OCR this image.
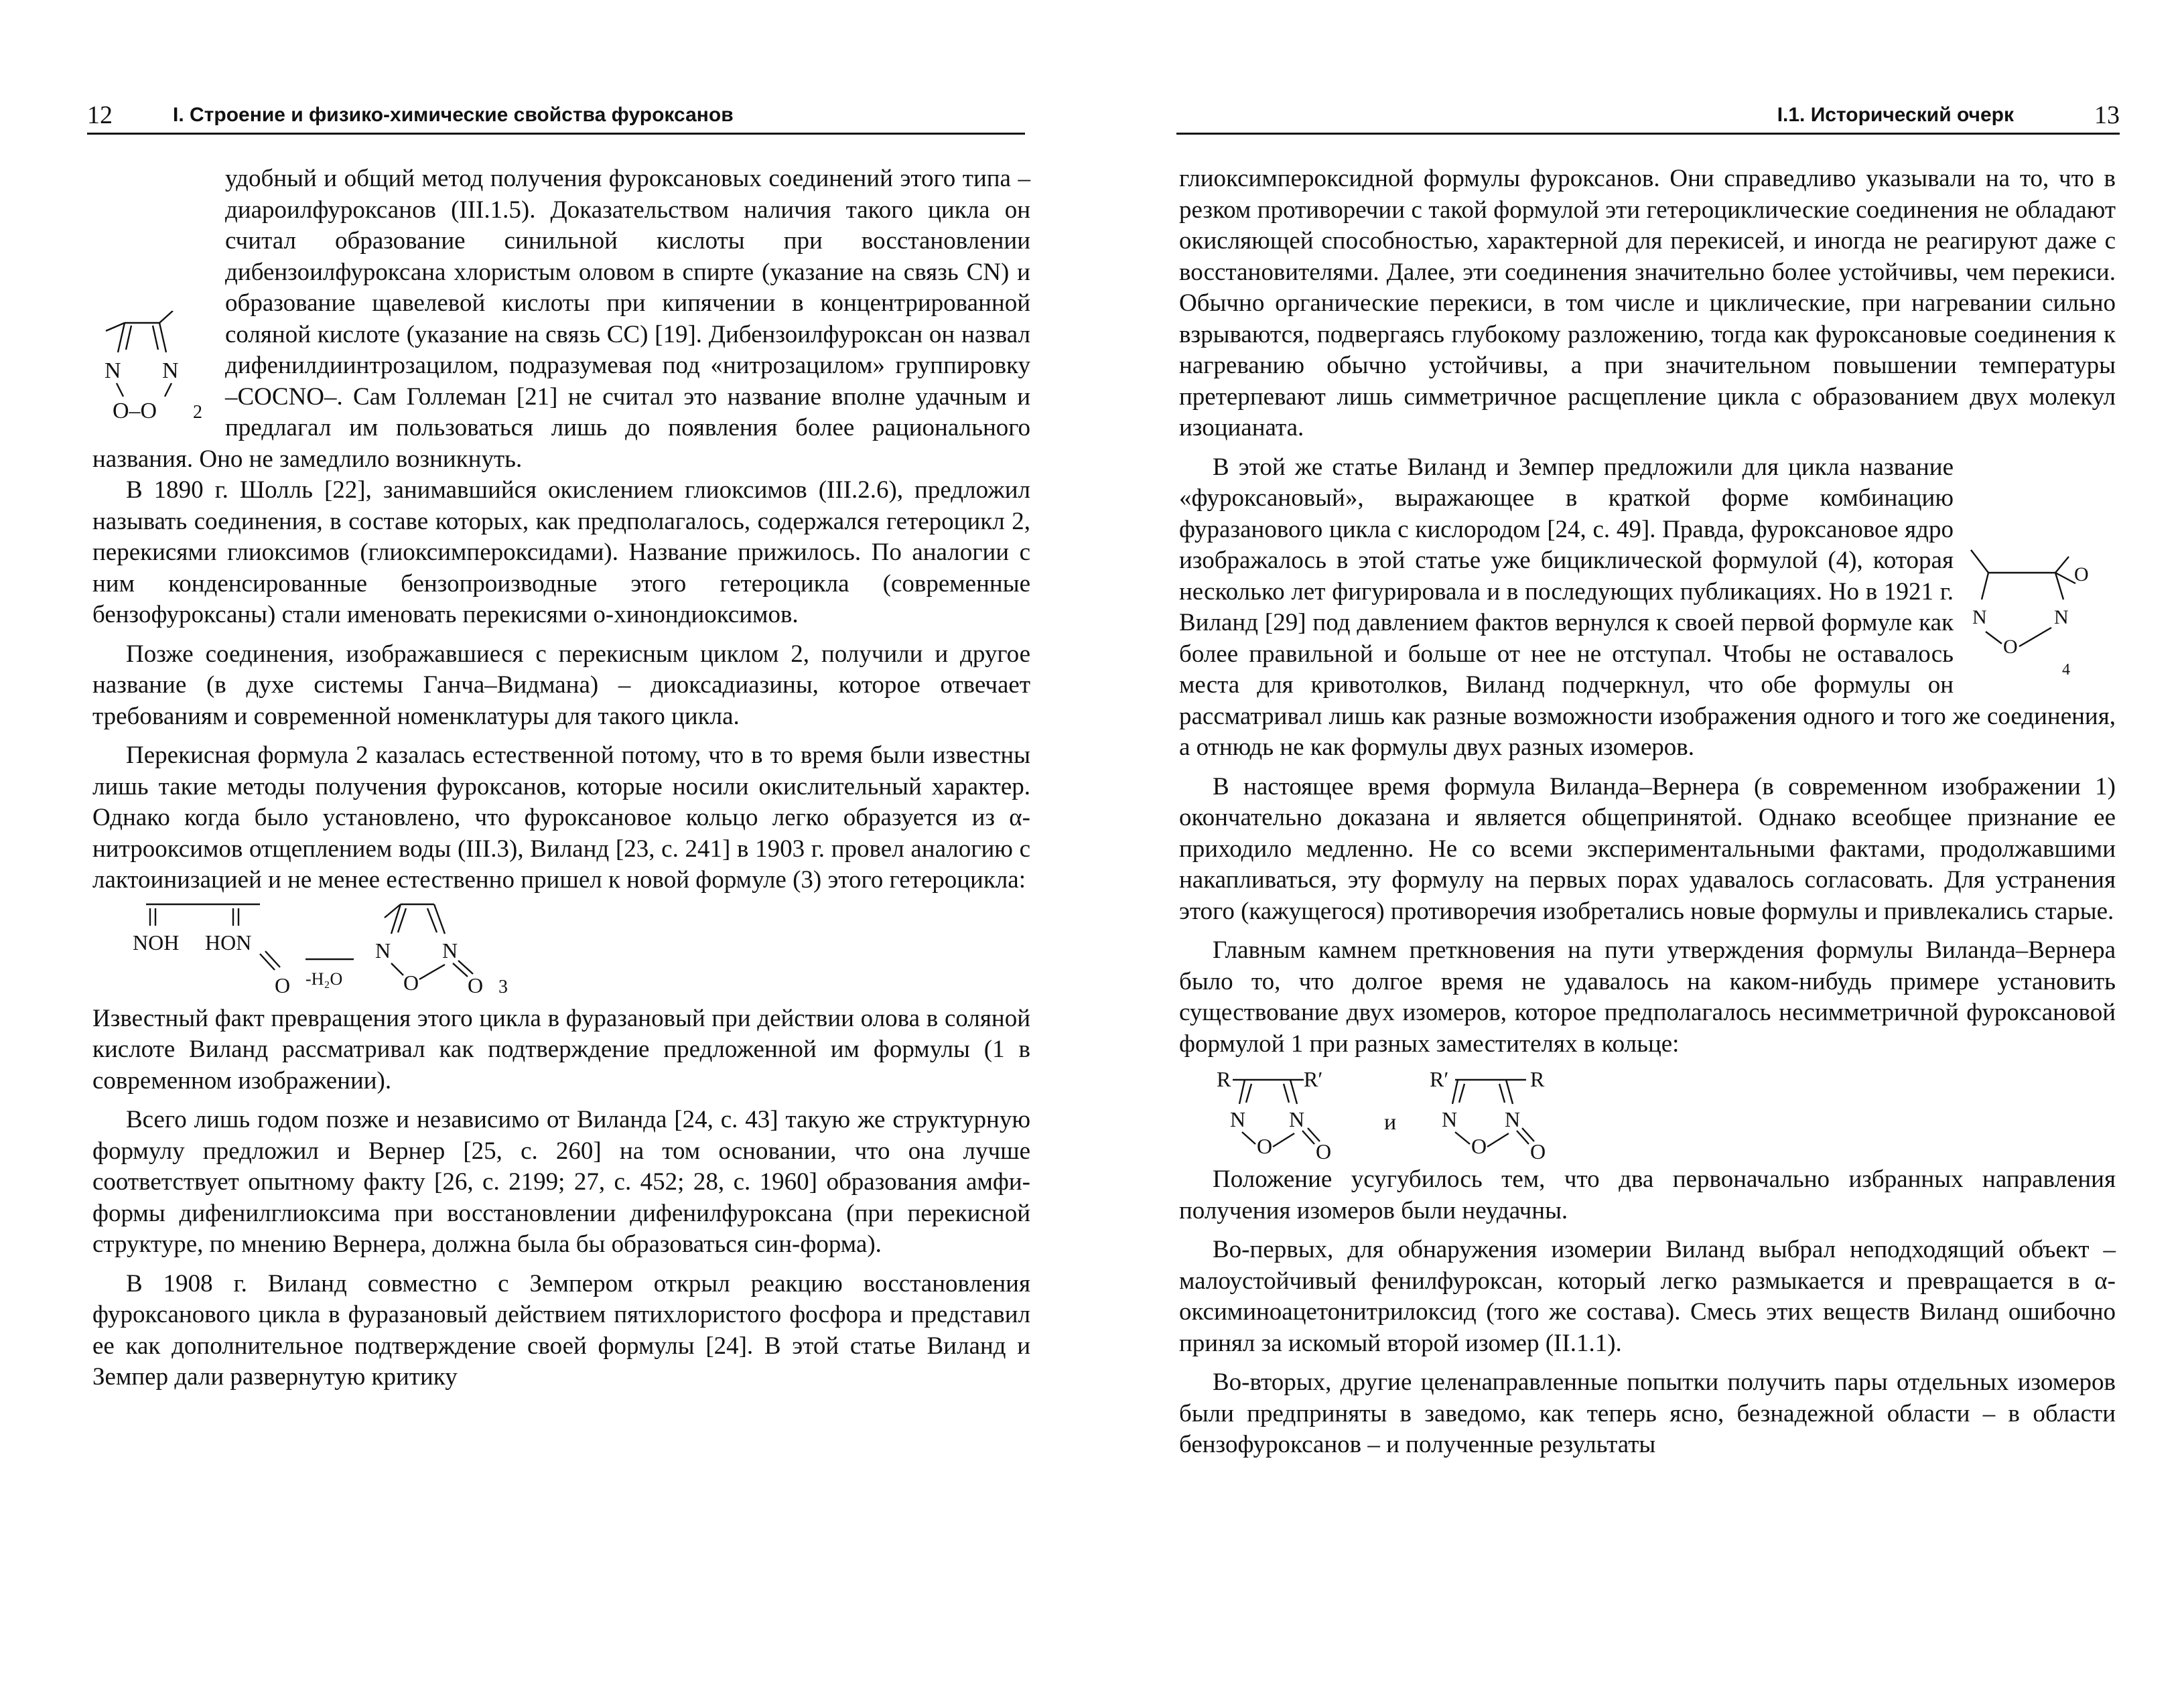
12	I. Строение и физико-химические свойства фуроксанов

N N
O–O 2
удобный и общий метод получения фуроксановых соединений этого типа – диароилфуроксанов (III.1.5). Доказательством наличия такого цикла он считал образование синильной кислоты при восстановлении дибензоилфуроксана хлористым оловом в спирте (указание на связь CN) и образование щавелевой кислоты при кипячении в концентрированной соляной кислоте (указание на связь СС) [19]. Дибензоилфуроксан он назвал дифенилдиинтрозацилом, подразумевая под «нитрозацилом» группировку –COCNO–. Сам Голлеман [21] не считал это название вполне удачным и предлагал им пользоваться лишь до появления более рационального названия. Оно не замедлило возникнуть.

В 1890 г. Шолль [22], занимавшийся окислением глиоксимов (III.2.6), предложил называть соединения, в составе которых, как предполагалось, содержался гетероцикл 2, перекисями глиоксимов (глиоксимпероксидами). Название прижилось. По аналогии с ним конденсированные бензопроизводные этого гетероцикла (современные бензофуроксаны) стали именовать перекисями о-хинондиоксимов.

Позже соединения, изображавшиеся с перекисным циклом 2, получили и другое название (в духе системы Ганча–Видмана) – диоксадиазины, которое отвечает требованиям и современной номенклатуры для такого цикла.

Перекисная формула 2 казалась естественной потому, что в то время были известны лишь такие методы получения фуроксанов, которые носили окислительный характер. Однако когда было установлено, что фуроксановое кольцо легко образуется из α-нитрооксимов отщеплением воды (III.3), Виланд [23, с. 241] в 1903 г. провел аналогию с лактоинизацией и не менее естественно пришел к новой формуле (3) этого гетероцикла:

NOH HON
O -H₂O
N N
O O 3

Известный факт превращения этого цикла в фуразановый при действии олова в соляной кислоте Виланд рассматривал как подтверждение предложенной им формулы (1 в современном изображении).

Всего лишь годом позже и независимо от Виланда [24, с. 43] такую же структурную формулу предложил и Вернер [25, с. 260] на том основании, что она лучше соответствует опытному факту [26, с. 2199; 27, с. 452; 28, с. 1960] образования амфи-формы дифенилглиоксима при восстановлении дифенилфуроксана (при перекисной структуре, по мнению Вернера, должна была бы образоваться син-форма).

В 1908 г. Виланд совместно с Земпером открыл реакцию восстановления фуроксанового цикла в фуразановый действием пятихлористого фосфора и представил ее как дополнительное подтверждение своей формулы [24]. В этой статье Виланд и Земпер дали развернутую критику

I.1. Исторический очерк	13

глиоксимпероксидной формулы фуроксанов. Они справедливо указывали на то, что в резком противоречии с такой формулой эти гетероциклические соединения не обладают окисляющей способностью, характерной для перекисей, и иногда не реагируют даже с восстановителями. Далее, эти соединения значительно более устойчивы, чем перекиси. Обычно органические перекиси, в том числе и циклические, при нагревании сильно взрываются, подвергаясь глубокому разложению, тогда как фуроксановые соединения к нагреванию обычно устойчивы, а при значительном повышении температуры претерпевают лишь симметричное расщепление цикла с образованием двух молекул изоцианата.

O
N	N
O
4
В этой же статье Виланд и Земпер предложили для цикла название «фуроксановый», выражающее в краткой форме комбинацию фуразанового цикла с кислородом [24, с. 49]. Правда, фуроксановое ядро изображалось в этой статье уже бициклической формулой (4), которая несколько лет фигурировала и в последующих публикациях. Но в 1921 г. Виланд [29] под давлением фактов вернулся к своей первой формуле как более правильной и больше от нее не отступал. Чтобы не оставалось места для кривотолков, Виланд подчеркнул, что обе формулы он рассматривал лишь как разные возможности изображения одного и того же соединения, а отнюдь не как формулы двух разных изомеров.

В настоящее время формула Виланда–Вернера (в современном изображении 1) окончательно доказана и является общепринятой. Однако всеобщее признание ее приходило медленно. Не со всеми экспериментальными фактами, продолжавшими накапливаться, эту формулу на первых порах удавалось согласовать. Для устранения этого (кажущегося) противоречия изобретались новые формулы и привлекались старые.

Главным камнем преткновения на пути утверждения формулы Виланда–Вернера было то, что долгое время не удавалось на каком-нибудь примере установить существование двух изомеров, которое предполагалось несимметричной фуроксановой формулой 1 при разных заместителях в кольце:

R	R′
N N
O O
и
R′	R
N N
O O

Положение усугубилось тем, что два первоначально избранных направления получения изомеров были неудачны.

Во-первых, для обнаружения изомерии Виланд выбрал неподходящий объект – малоустойчивый фенилфуроксан, который легко размыкается и превращается в α-оксиминоацетонитрилоксид (того же состава). Смесь этих веществ Виланд ошибочно принял за искомый второй изомер (II.1.1).

Во-вторых, другие целенаправленные попытки получить пары отдельных изомеров были предприняты в заведомо, как теперь ясно, безнадежной области – в области бензофуроксанов – и полученные результаты
